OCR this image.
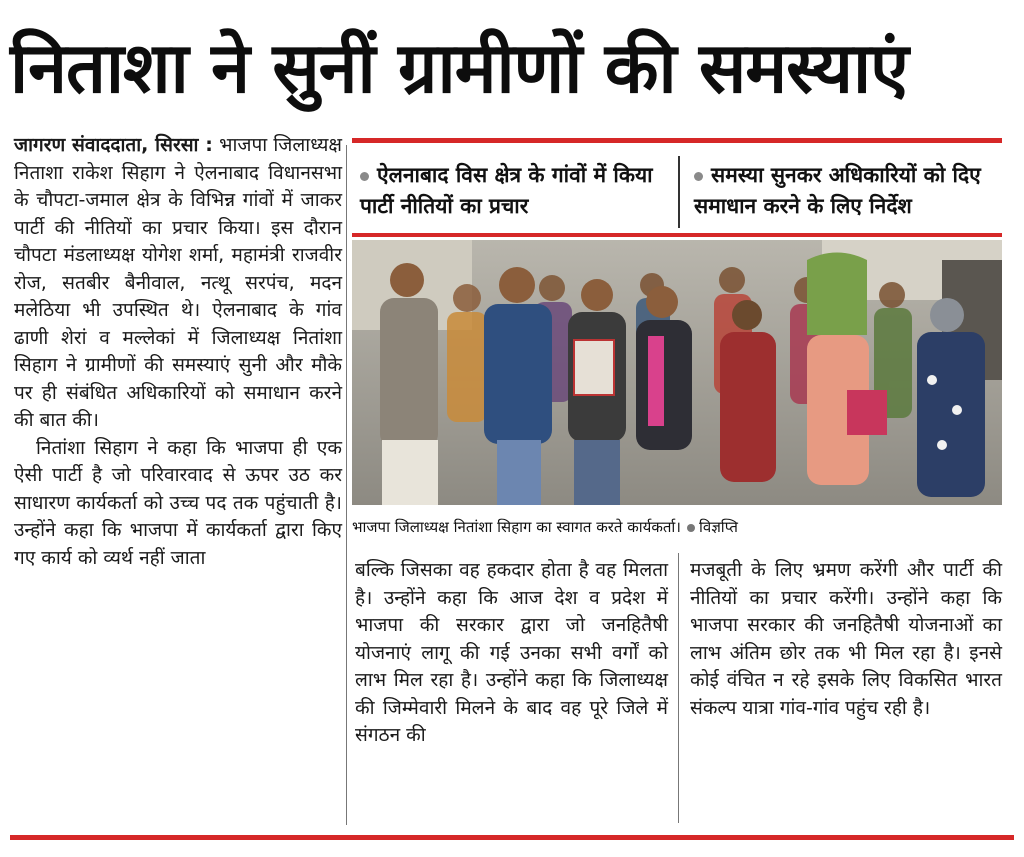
निताशा ने सुनीं ग्रामीणों की समस्याएं

जागरण संवाददाता, सिरसा : भाजपा जिलाध्यक्ष निताशा राकेश सिहाग ने ऐलनाबाद विधानसभा के चौपटा-जमाल क्षेत्र के विभिन्न गांवों में जाकर पार्टी की नीतियों का प्रचार किया। इस दौरान चौपटा मंडलाध्यक्ष योगेश शर्मा, महामंत्री राजवीर रोज, सतबीर बैनीवाल, नत्थू सरपंच, मदन मलेठिया भी उपस्थित थे। ऐलनाबाद के गांव ढाणी शेरां व मल्लेकां में जिलाध्यक्ष नितांशा सिहाग ने ग्रामीणों की समस्याएं सुनी और मौके पर ही संबंधित अधिकारियों को समाधान करने की बात की।

नितांशा सिहाग ने कहा कि भाजपा ही एक ऐसी पार्टी है जो परिवारवाद से ऊपर उठ कर साधारण कार्यकर्ता को उच्च पद तक पहुंचाती है। उन्होंने कहा कि भाजपा में कार्यकर्ता द्वारा किए गए कार्य को व्यर्थ नहीं जाता

ऐलनाबाद विस क्षेत्र के गांवों में किया पार्टी नीतियों का प्रचार
समस्या सुनकर अधिकारियों को दिए समाधान करने के लिए निर्देश
भाजपा जिलाध्यक्ष नितांशा सिहाग का स्वागत करते कार्यकर्ता। विज्ञप्ति

बल्कि जिसका वह हकदार होता है वह मिलता है। उन्होंने कहा कि आज देश व प्रदेश में भाजपा की सरकार द्वारा जो जनहितैषी योजनाएं लागू की गई उनका सभी वर्गों को लाभ मिल रहा है। उन्होंने कहा कि जिलाध्यक्ष की जिम्मेवारी मिलने के बाद वह पूरे जिले में संगठन की

मजबूती के लिए भ्रमण करेंगी और पार्टी की नीतियों का प्रचार करेंगी। उन्होंने कहा कि भाजपा सरकार की जनहितैषी योजनाओं का लाभ अंतिम छोर तक भी मिल रहा है। इनसे कोई वंचित न रहे इसके लिए विकसित भारत संकल्प यात्रा गांव-गांव पहुंच रही है।
